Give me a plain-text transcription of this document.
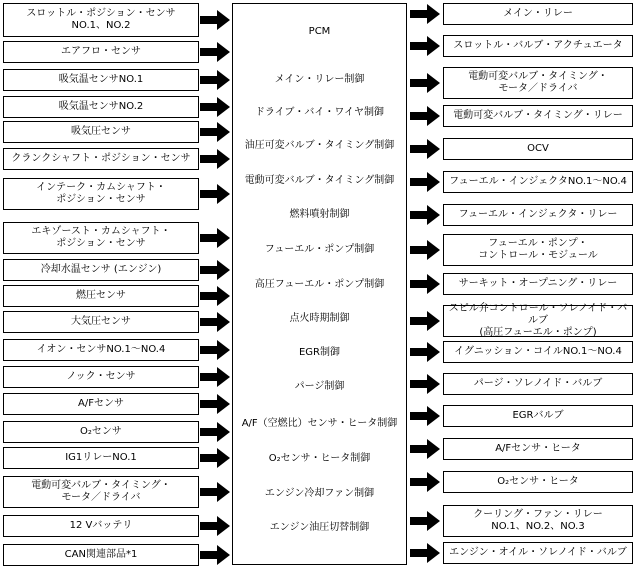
スロットル・ポジション・センサ
NO.1、NO.2
エアフロ・センサ
吸気温センサNO.1
吸気温センサNO.2
吸気圧センサ
クランクシャフト・ポジション・センサ
インテーク・カムシャフト・
ポジション・センサ
エキゾースト・カムシャフト・
ポジション・センサ
冷却水温センサ (エンジン)
燃圧センサ
大気圧センサ
イオン・センサNO.1〜NO.4
ノック・センサ
A/Fセンサ
O₂センサ
IG1リレーNO.1
電動可変バルブ・タイミング・
モータ／ドライバ
12 Vバッテリ
CAN関連部品*1
PCM
メイン・リレー制御
ドライブ・バイ・ワイヤ制御
油圧可変バルブ・タイミング制御
電動可変バルブ・タイミング制御
燃料噴射制御
フューエル・ポンプ制御
高圧フューエル・ポンプ制御
点火時期制御
EGR制御
パージ制御
A/F（空燃比）センサ・ヒータ制御
O₂センサ・ヒータ制御
エンジン冷却ファン制御
エンジン油圧切替制御
メイン・リレー
スロットル・バルブ・アクチュエータ
電動可変バルブ・タイミング・
モータ／ドライバ
電動可変バルブ・タイミング・リレー
OCV
フューエル・インジェクタNO.1〜NO.4
フューエル・インジェクタ・リレー
フューエル・ポンプ・
コントロール・モジュール
サーキット・オープニング・リレー
スピル弁コントロール・ソレノイド・バルブ
(高圧フューエル・ポンプ)
イグニッション・コイルNO.1〜NO.4
パージ・ソレノイド・バルブ
EGRバルブ
A/Fセンサ・ヒータ
O₂センサ・ヒータ
クーリング・ファン・リレー
NO.1、NO.2、NO.3
エンジン・オイル・ソレノイド・バルブ
